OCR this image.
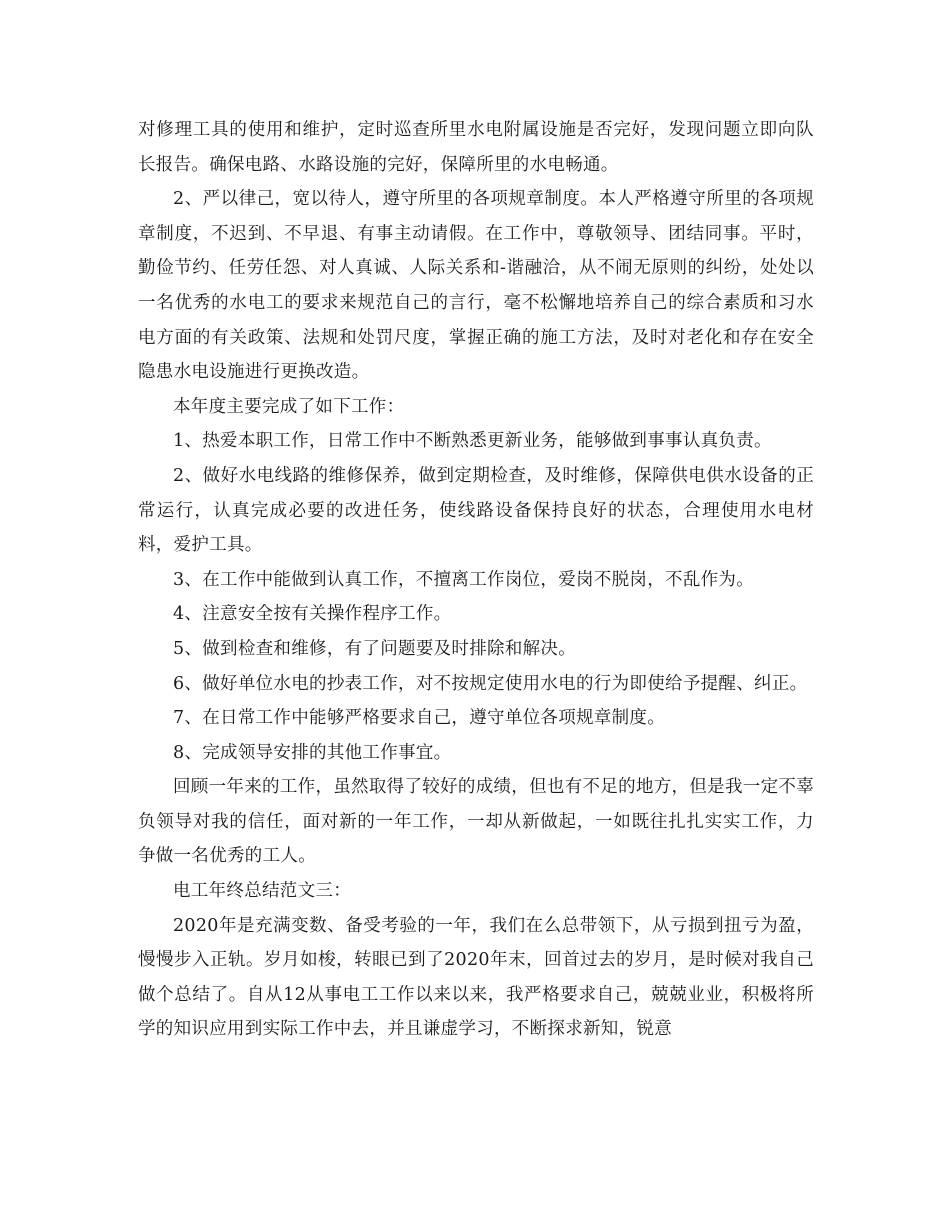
对修理工具的使用和维护，定时巡查所里水电附属设施是否完好，发现问题立即向队长报告。确保电路、水路设施的完好，保障所里的水电畅通。

2、严以律己，宽以待人，遵守所里的各项规章制度。本人严格遵守所里的各项规章制度，不迟到、不早退、有事主动请假。在工作中，尊敬领导、团结同事。平时，勤俭节约、任劳任怨、对人真诚、人际关系和-谐融洽，从不闹无原则的纠纷，处处以一名优秀的水电工的要求来规范自己的言行，毫不松懈地培养自己的综合素质和习水电方面的有关政策、法规和处罚尺度，掌握正确的施工方法，及时对老化和存在安全隐患水电设施进行更换改造。

本年度主要完成了如下工作：

1、热爱本职工作，日常工作中不断熟悉更新业务，能够做到事事认真负责。

2、做好水电线路的维修保养，做到定期检查，及时维修，保障供电供水设备的正常运行，认真完成必要的改进任务，使线路设备保持良好的状态，合理使用水电材料，爱护工具。

3、在工作中能做到认真工作，不擅离工作岗位，爱岗不脱岗，不乱作为。

4、注意安全按有关操作程序工作。

5、做到检查和维修，有了问题要及时排除和解决。

6、做好单位水电的抄表工作，对不按规定使用水电的行为即使给予提醒、纠正。

7、在日常工作中能够严格要求自己，遵守单位各项规章制度。

8、完成领导安排的其他工作事宜。

回顾一年来的工作，虽然取得了较好的成绩，但也有不足的地方，但是我一定不辜负领导对我的信任，面对新的一年工作，一却从新做起，一如既往扎扎实实工作，力争做一名优秀的工人。

电工年终总结范文三：

2020年是充满变数、备受考验的一年，我们在么总带领下，从亏损到扭亏为盈，慢慢步入正轨。岁月如梭，转眼已到了2020年末，回首过去的岁月，是时候对我自己做个总结了。自从12从事电工工作以来以来，我严格要求自己，兢兢业业，积极将所学的知识应用到实际工作中去，并且谦虚学习，不断探求新知，锐意
